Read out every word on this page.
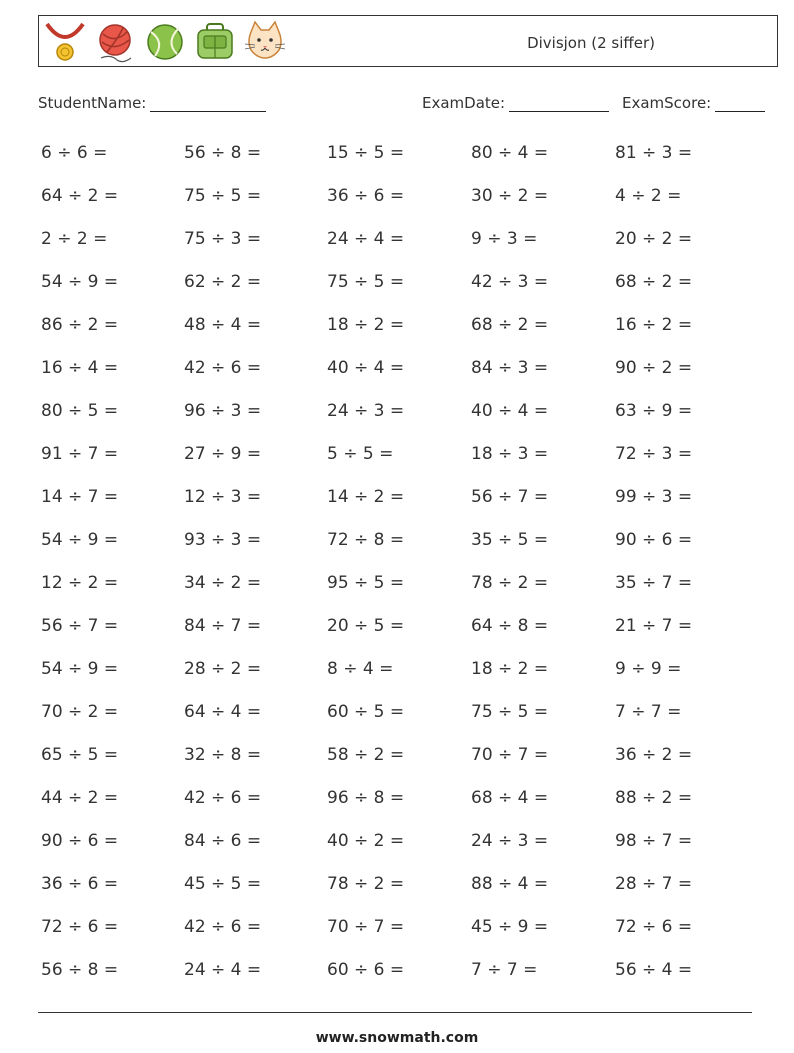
Divisjon (2 siffer)
StudentName:	ExamDate:	ExamScore:
6 ÷ 6 =	56 ÷ 8 =	15 ÷ 5 =	80 ÷ 4 =	81 ÷ 3 =
64 ÷ 2 =	75 ÷ 5 =	36 ÷ 6 =	30 ÷ 2 =	4 ÷ 2 =
2 ÷ 2 =	75 ÷ 3 =	24 ÷ 4 =	9 ÷ 3 =	20 ÷ 2 =
54 ÷ 9 =	62 ÷ 2 =	75 ÷ 5 =	42 ÷ 3 =	68 ÷ 2 =
86 ÷ 2 =	48 ÷ 4 =	18 ÷ 2 =	68 ÷ 2 =	16 ÷ 2 =
16 ÷ 4 =	42 ÷ 6 =	40 ÷ 4 =	84 ÷ 3 =	90 ÷ 2 =
80 ÷ 5 =	96 ÷ 3 =	24 ÷ 3 =	40 ÷ 4 =	63 ÷ 9 =
91 ÷ 7 =	27 ÷ 9 =	5 ÷ 5 =	18 ÷ 3 =	72 ÷ 3 =
14 ÷ 7 =	12 ÷ 3 =	14 ÷ 2 =	56 ÷ 7 =	99 ÷ 3 =
54 ÷ 9 =	93 ÷ 3 =	72 ÷ 8 =	35 ÷ 5 =	90 ÷ 6 =
12 ÷ 2 =	34 ÷ 2 =	95 ÷ 5 =	78 ÷ 2 =	35 ÷ 7 =
56 ÷ 7 =	84 ÷ 7 =	20 ÷ 5 =	64 ÷ 8 =	21 ÷ 7 =
54 ÷ 9 =	28 ÷ 2 =	8 ÷ 4 =	18 ÷ 2 =	9 ÷ 9 =
70 ÷ 2 =	64 ÷ 4 =	60 ÷ 5 =	75 ÷ 5 =	7 ÷ 7 =
65 ÷ 5 =	32 ÷ 8 =	58 ÷ 2 =	70 ÷ 7 =	36 ÷ 2 =
44 ÷ 2 =	42 ÷ 6 =	96 ÷ 8 =	68 ÷ 4 =	88 ÷ 2 =
90 ÷ 6 =	84 ÷ 6 =	40 ÷ 2 =	24 ÷ 3 =	98 ÷ 7 =
36 ÷ 6 =	45 ÷ 5 =	78 ÷ 2 =	88 ÷ 4 =	28 ÷ 7 =
72 ÷ 6 =	42 ÷ 6 =	70 ÷ 7 =	45 ÷ 9 =	72 ÷ 6 =
56 ÷ 8 =	24 ÷ 4 =	60 ÷ 6 =	7 ÷ 7 =	56 ÷ 4 =
www.snowmath.com
